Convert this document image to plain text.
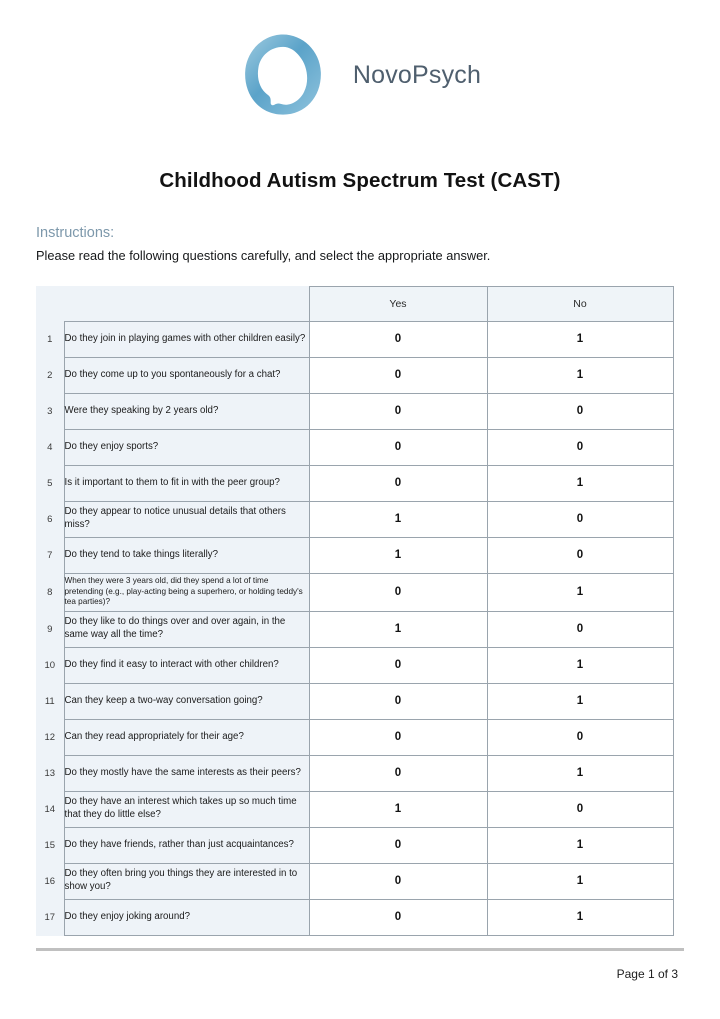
NovoPsych
Childhood Autism Spectrum Test (CAST)

Instructions:

Please read the following questions carefully, and select the appropriate answer.

		Yes	No
1	Do they join in playing games with other children easily?	0	1
2	Do they come up to you spontaneously for a chat?	0	1
3	Were they speaking by 2 years old?	0	0
4	Do they enjoy sports?	0	0
5	Is it important to them to fit in with the peer group?	0	1
6	Do they appear to notice unusual details that others miss?	1	0
7	Do they tend to take things literally?	1	0
8	When they were 3 years old, did they spend a lot of time pretending (e.g., play-acting being a superhero, or holding teddy's tea parties)?	0	1
9	Do they like to do things over and over again, in the same way all the time?	1	0
10	Do they find it easy to interact with other children?	0	1
11	Can they keep a two-way conversation going?	0	1
12	Can they read appropriately for their age?	0	0
13	Do they mostly have the same interests as their peers?	0	1
14	Do they have an interest which takes up so much time that they do little else?	1	0
15	Do they have friends, rather than just acquaintances?	0	1
16	Do they often bring you things they are interested in to show you?	0	1
17	Do they enjoy joking around?	0	1
Page 1 of 3
